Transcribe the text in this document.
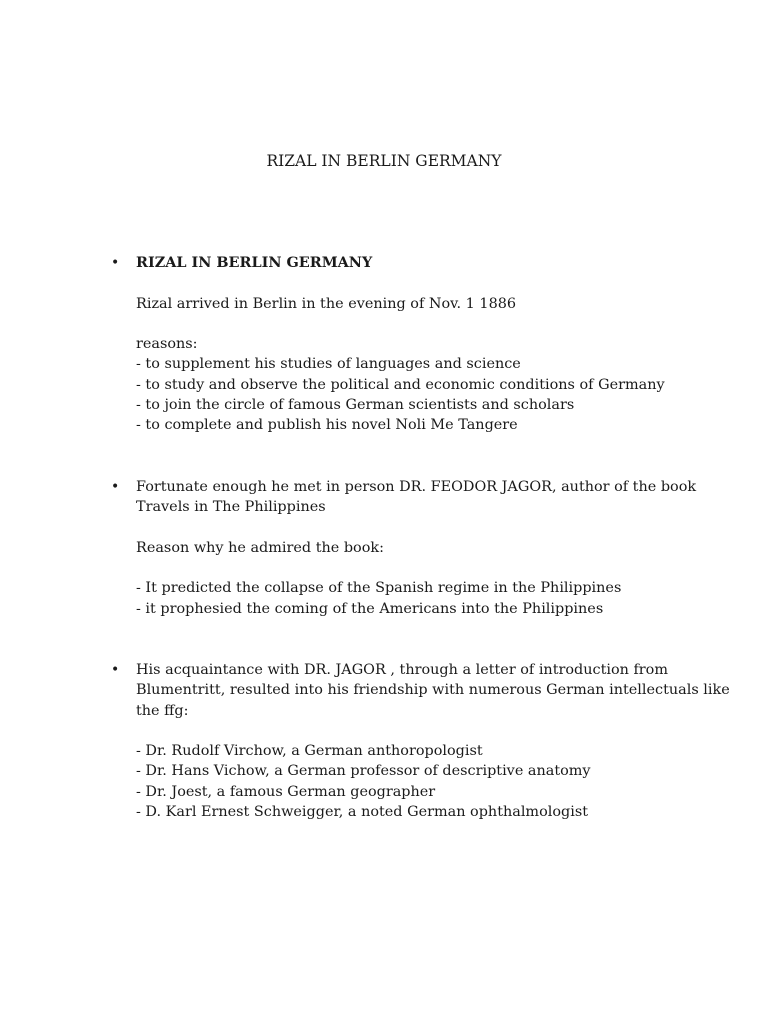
RIZAL IN BERLIN GERMANY
• RIZAL IN BERLIN GERMANY
Rizal arrived in Berlin in the evening of Nov. 1 1886
reasons:
- to supplement his studies of languages and science
- to study and observe the political and economic conditions of Germany
- to join the circle of famous German scientists and scholars
- to complete and publish his novel Noli Me Tangere
• Fortunate enough he met in person DR. FEODOR JAGOR, author of the book
Travels in The Philippines
Reason why he admired the book:
- It predicted the collapse of the Spanish regime in the Philippines
- it prophesied the coming of the Americans into the Philippines
• His acquaintance with DR. JAGOR , through a letter of introduction from
Blumentritt, resulted into his friendship with numerous German intellectuals like
the ffg:
- Dr. Rudolf Virchow, a German anthoropologist
- Dr. Hans Vichow, a German professor of descriptive anatomy
- Dr. Joest, a famous German geographer
- D. Karl Ernest Schweigger, a noted German ophthalmologist
